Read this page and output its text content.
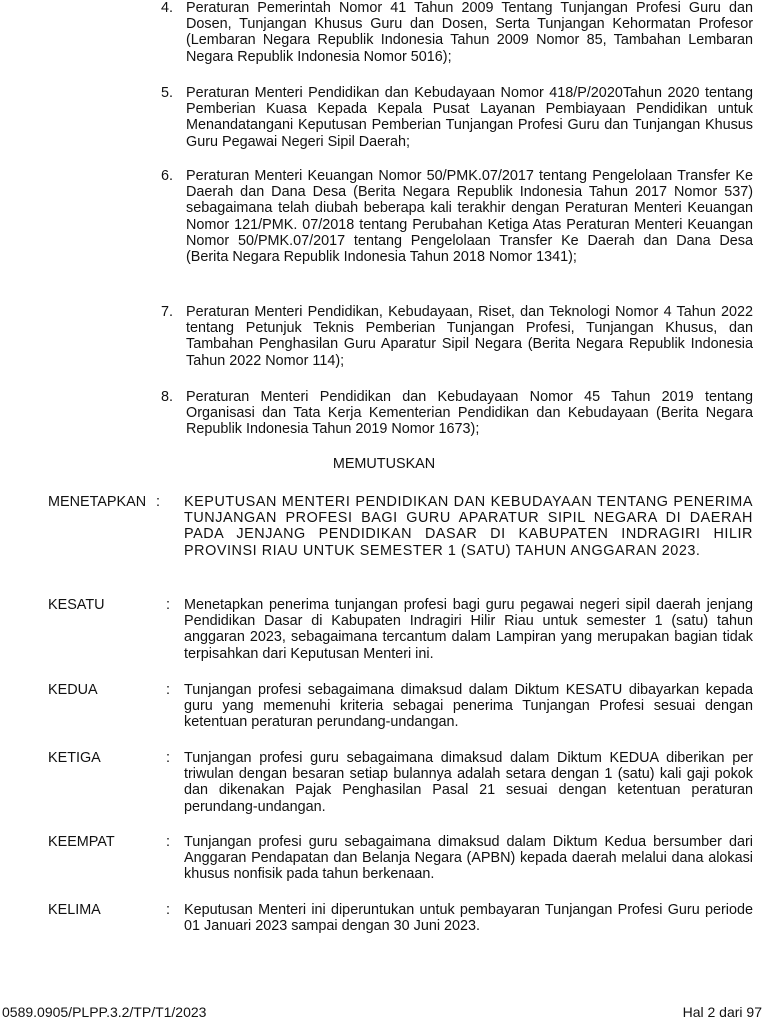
4. Peraturan Pemerintah Nomor 41 Tahun 2009 Tentang Tunjangan Profesi Guru dan Dosen, Tunjangan Khusus Guru dan Dosen, Serta Tunjangan Kehormatan Profesor (Lembaran Negara Republik Indonesia Tahun 2009 Nomor 85, Tambahan Lembaran Negara Republik Indonesia Nomor 5016);
5. Peraturan Menteri Pendidikan dan Kebudayaan Nomor 418/P/2020Tahun 2020 tentang Pemberian Kuasa Kepada Kepala Pusat Layanan Pembiayaan Pendidikan untuk Menandatangani Keputusan Pemberian Tunjangan Profesi Guru dan Tunjangan Khusus Guru Pegawai Negeri Sipil Daerah;
6. Peraturan Menteri Keuangan Nomor 50/PMK.07/2017 tentang Pengelolaan Transfer Ke Daerah dan Dana Desa (Berita Negara Republik Indonesia Tahun 2017 Nomor 537) sebagaimana telah diubah beberapa kali terakhir dengan Peraturan Menteri Keuangan Nomor 121/PMK. 07/2018 tentang Perubahan Ketiga Atas Peraturan Menteri Keuangan Nomor 50/PMK.07/2017 tentang Pengelolaan Transfer Ke Daerah dan Dana Desa (Berita Negara Republik Indonesia Tahun 2018 Nomor 1341);
7. Peraturan Menteri Pendidikan, Kebudayaan, Riset, dan Teknologi Nomor 4 Tahun 2022 tentang Petunjuk Teknis Pemberian Tunjangan Profesi, Tunjangan Khusus, dan Tambahan Penghasilan Guru Aparatur Sipil Negara (Berita Negara Republik Indonesia Tahun 2022 Nomor 114);
8. Peraturan Menteri Pendidikan dan Kebudayaan Nomor 45 Tahun 2019 tentang Organisasi dan Tata Kerja Kementerian Pendidikan dan Kebudayaan (Berita Negara Republik Indonesia Tahun 2019 Nomor 1673);
MEMUTUSKAN
MENETAPKAN :	KEPUTUSAN MENTERI PENDIDIKAN DAN KEBUDAYAAN TENTANG PENERIMA TUNJANGAN PROFESI BAGI GURU APARATUR SIPIL NEGARA DI DAERAH PADA JENJANG PENDIDIKAN DASAR DI KABUPATEN INDRAGIRI HILIR PROVINSI RIAU UNTUK SEMESTER 1 (SATU) TAHUN ANGGARAN 2023.
KESATU	: Menetapkan penerima tunjangan profesi bagi guru pegawai negeri sipil daerah jenjang Pendidikan Dasar di Kabupaten Indragiri Hilir Riau untuk semester 1 (satu) tahun anggaran 2023, sebagaimana tercantum dalam Lampiran yang merupakan bagian tidak terpisahkan dari Keputusan Menteri ini.
KEDUA	: Tunjangan profesi sebagaimana dimaksud dalam Diktum KESATU dibayarkan kepada guru yang memenuhi kriteria sebagai penerima Tunjangan Profesi sesuai dengan ketentuan peraturan perundang-undangan.
KETIGA	: Tunjangan profesi guru sebagaimana dimaksud dalam Diktum KEDUA diberikan per triwulan dengan besaran setiap bulannya adalah setara dengan 1 (satu) kali gaji pokok dan dikenakan Pajak Penghasilan Pasal 21 sesuai dengan ketentuan peraturan perundang-undangan.
KEEMPAT	: Tunjangan profesi guru sebagaimana dimaksud dalam Diktum Kedua bersumber dari Anggaran Pendapatan dan Belanja Negara (APBN) kepada daerah melalui dana alokasi khusus nonfisik pada tahun berkenaan.
KELIMA	: Keputusan Menteri ini diperuntukan untuk pembayaran Tunjangan Profesi Guru periode 01 Januari 2023 sampai dengan 30 Juni 2023.
0589.0905/PLPP.3.2/TP/T1/2023	Hal 2 dari 97
